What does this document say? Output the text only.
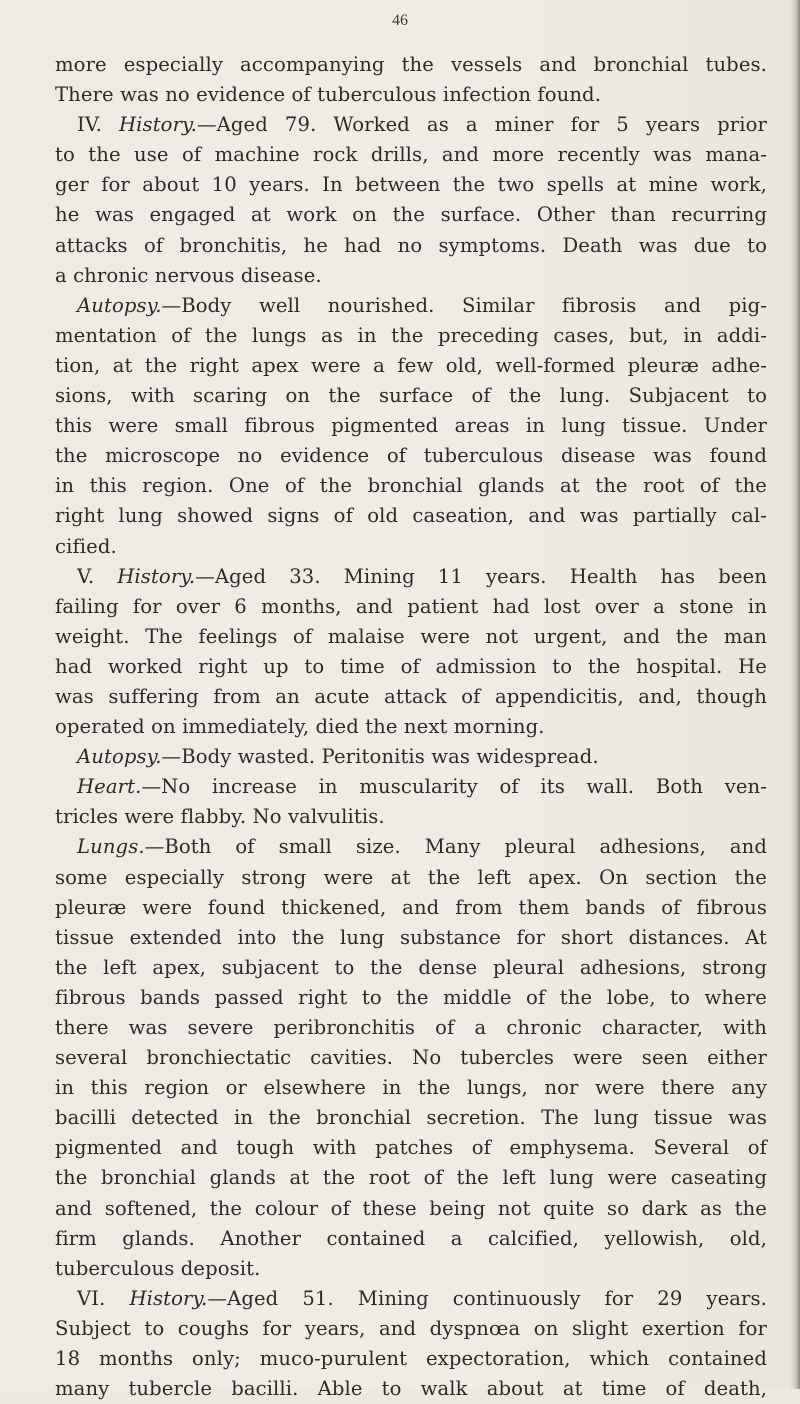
46
more especially accompanying the vessels and bronchial tubes.
There was no evidence of tuberculous infection found.
IV. History.—Aged 79. Worked as a miner for 5 years prior
to the use of machine rock drills, and more recently was mana-
ger for about 10 years. In between the two spells at mine work,
he was engaged at work on the surface. Other than recurring
attacks of bronchitis, he had no symptoms. Death was due to
a chronic nervous disease.
Autopsy.—Body well nourished. Similar fibrosis and pig-
mentation of the lungs as in the preceding cases, but, in addi-
tion, at the right apex were a few old, well-formed pleuræ adhe-
sions, with scaring on the surface of the lung. Subjacent to
this were small fibrous pigmented areas in lung tissue. Under
the microscope no evidence of tuberculous disease was found
in this region. One of the bronchial glands at the root of the
right lung showed signs of old caseation, and was partially cal-
cified.
V. History.—Aged 33. Mining 11 years. Health has been
failing for over 6 months, and patient had lost over a stone in
weight. The feelings of malaise were not urgent, and the man
had worked right up to time of admission to the hospital. He
was suffering from an acute attack of appendicitis, and, though
operated on immediately, died the next morning.
Autopsy.—Body wasted. Peritonitis was widespread.
Heart.—No increase in muscularity of its wall. Both ven-
tricles were flabby. No valvulitis.
Lungs.—Both of small size. Many pleural adhesions, and
some especially strong were at the left apex. On section the
pleuræ were found thickened, and from them bands of fibrous
tissue extended into the lung substance for short distances. At
the left apex, subjacent to the dense pleural adhesions, strong
fibrous bands passed right to the middle of the lobe, to where
there was severe peribronchitis of a chronic character, with
several bronchiectatic cavities. No tubercles were seen either
in this region or elsewhere in the lungs, nor were there any
bacilli detected in the bronchial secretion. The lung tissue was
pigmented and tough with patches of emphysema. Several of
the bronchial glands at the root of the left lung were caseating
and softened, the colour of these being not quite so dark as the
firm glands. Another contained a calcified, yellowish, old,
tuberculous deposit.
VI. History.—Aged 51. Mining continuously for 29 years.
Subject to coughs for years, and dyspnœa on slight exertion for
18 months only; muco-purulent expectoration, which contained
many tubercle bacilli. Able to walk about at time of death,
